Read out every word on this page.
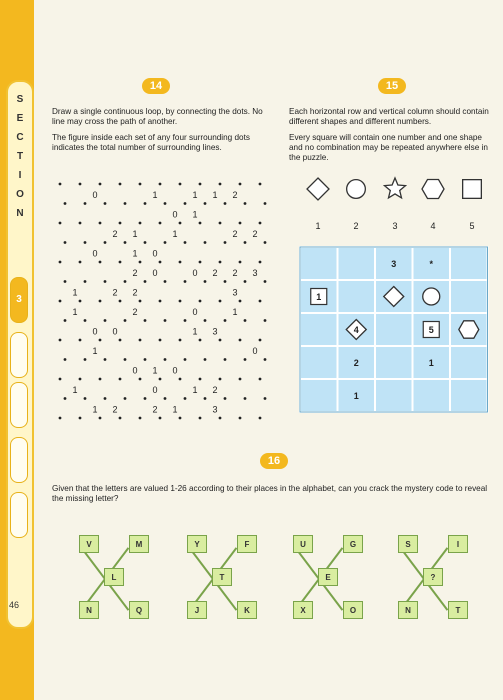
S
E
C
T
I
O
N
3
46
14
Draw a single continuous loop, by connecting the dots. No line may cross the path of another.
The figure inside each set of any four surrounding dots indicates the total number of surrounding lines.
0	1	1 1 2
0 1
2 1	1	2 2
0	1 0
2 0	0 2 2 3
1	2 2	3
1	2	0	1
0 0	1 3
1	0
0 1 0
1	0	1 2
1 2	2 1	3
15
Each horizontal row and vertical column should contain different shapes and different numbers.
Every square will contain one number and one shape and no combination may be repeated anywhere else in the puzzle.
1	2	3	4	5
3	*
1
4	5
2	1
1
16
Given that the letters are valued 1-26 according to their places in the alphabet, can you crack the mystery code to reveal the missing letter?
V	M
L
N	Q
Y	F
T
J	K
U	G
E
X	O
S	I
?
N	T
